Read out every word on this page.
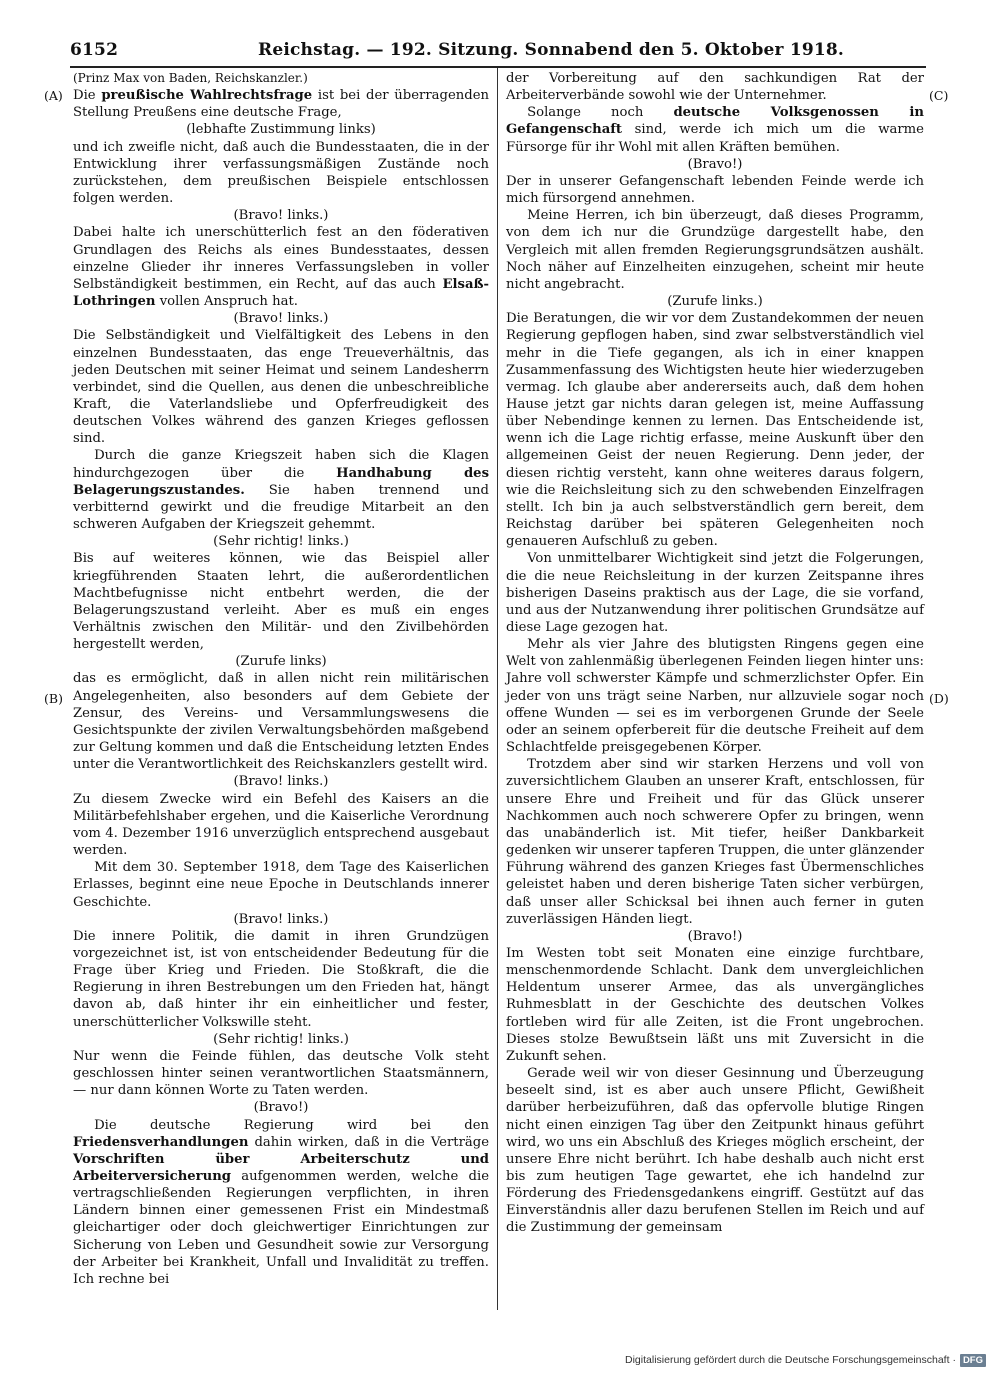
6152	Reichstag. — 192. Sitzung. Sonnabend den 5. Oktober 1918.
(A)
(B)
(C)
(D)

(Prinz Max von Baden, Reichskanzler.)

Die preußische Wahlrechtsfrage ist bei der überragenden Stellung Preußens eine deutsche Frage,

(lebhafte Zustimmung links)

und ich zweifle nicht, daß auch die Bundesstaaten, die in der Entwicklung ihrer verfassungsmäßigen Zustände noch zurückstehen, dem preußischen Beispiele entschlossen folgen werden.

(Bravo! links.)

Dabei halte ich unerschütterlich fest an den föderativen Grundlagen des Reichs als eines Bundesstaates, dessen einzelne Glieder ihr inneres Verfassungsleben in voller Selbständigkeit bestimmen, ein Recht, auf das auch Elsaß-Lothringen vollen Anspruch hat.

(Bravo! links.)

Die Selbständigkeit und Vielfältigkeit des Lebens in den einzelnen Bundesstaaten, das enge Treueverhältnis, das jeden Deutschen mit seiner Heimat und seinem Landesherrn verbindet, sind die Quellen, aus denen die unbeschreibliche Kraft, die Vaterlandsliebe und Opferfreudigkeit des deutschen Volkes während des ganzen Krieges geflossen sind.

Durch die ganze Kriegszeit haben sich die Klagen hindurchgezogen über die Handhabung des Belagerungszustandes. Sie haben trennend und verbitternd gewirkt und die freudige Mitarbeit an den schweren Aufgaben der Kriegszeit gehemmt.

(Sehr richtig! links.)

Bis auf weiteres können, wie das Beispiel aller kriegführenden Staaten lehrt, die außerordentlichen Machtbefugnisse nicht entbehrt werden, die der Belagerungszustand verleiht. Aber es muß ein enges Verhältnis zwischen den Militär- und den Zivilbehörden hergestellt werden,

(Zurufe links)

das es ermöglicht, daß in allen nicht rein militärischen Angelegenheiten, also besonders auf dem Gebiete der Zensur, des Vereins- und Versammlungswesens die Gesichtspunkte der zivilen Verwaltungsbehörden maßgebend zur Geltung kommen und daß die Entscheidung letzten Endes unter die Verantwortlichkeit des Reichskanzlers gestellt wird.

(Bravo! links.)

Zu diesem Zwecke wird ein Befehl des Kaisers an die Militärbefehlshaber ergehen, und die Kaiserliche Verordnung vom 4. Dezember 1916 unverzüglich entsprechend ausgebaut werden.

Mit dem 30. September 1918, dem Tage des Kaiserlichen Erlasses, beginnt eine neue Epoche in Deutschlands innerer Geschichte.

(Bravo! links.)

Die innere Politik, die damit in ihren Grundzügen vorgezeichnet ist, ist von entscheidender Bedeutung für die Frage über Krieg und Frieden. Die Stoßkraft, die die Regierung in ihren Bestrebungen um den Frieden hat, hängt davon ab, daß hinter ihr ein einheitlicher und fester, unerschütterlicher Volkswille steht.

(Sehr richtig! links.)

Nur wenn die Feinde fühlen, das deutsche Volk steht geschlossen hinter seinen verantwortlichen Staatsmännern, — nur dann können Worte zu Taten werden.

(Bravo!)

Die deutsche Regierung wird bei den Friedensverhandlungen dahin wirken, daß in die Verträge Vorschriften über Arbeiterschutz und Arbeiterversicherung aufgenommen werden, welche die vertragschließenden Regierungen verpflichten, in ihren Ländern binnen einer gemessenen Frist ein Mindestmaß gleichartiger oder doch gleichwertiger Einrichtungen zur Sicherung von Leben und Gesundheit sowie zur Versorgung der Arbeiter bei Krankheit, Unfall und Invalidität zu treffen. Ich rechne bei

der Vorbereitung auf den sachkundigen Rat der Arbeiterverbände sowohl wie der Unternehmer.

Solange noch deutsche Volksgenossen in Gefangenschaft sind, werde ich mich um die warme Fürsorge für ihr Wohl mit allen Kräften bemühen.

(Bravo!)

Der in unserer Gefangenschaft lebenden Feinde werde ich mich fürsorgend annehmen.

Meine Herren, ich bin überzeugt, daß dieses Programm, von dem ich nur die Grundzüge dargestellt habe, den Vergleich mit allen fremden Regierungsgrundsätzen aushält. Noch näher auf Einzelheiten einzugehen, scheint mir heute nicht angebracht.

(Zurufe links.)

Die Beratungen, die wir vor dem Zustandekommen der neuen Regierung gepflogen haben, sind zwar selbstverständlich viel mehr in die Tiefe gegangen, als ich in einer knappen Zusammenfassung des Wichtigsten heute hier wiederzugeben vermag. Ich glaube aber andererseits auch, daß dem hohen Hause jetzt gar nichts daran gelegen ist, meine Auffassung über Nebendinge kennen zu lernen. Das Entscheidende ist, wenn ich die Lage richtig erfasse, meine Auskunft über den allgemeinen Geist der neuen Regierung. Denn jeder, der diesen richtig versteht, kann ohne weiteres daraus folgern, wie die Reichsleitung sich zu den schwebenden Einzelfragen stellt. Ich bin ja auch selbstverständlich gern bereit, dem Reichstag darüber bei späteren Gelegenheiten noch genaueren Aufschluß zu geben.

Von unmittelbarer Wichtigkeit sind jetzt die Folgerungen, die die neue Reichsleitung in der kurzen Zeitspanne ihres bisherigen Daseins praktisch aus der Lage, die sie vorfand, und aus der Nutzanwendung ihrer politischen Grundsätze auf diese Lage gezogen hat.

Mehr als vier Jahre des blutigsten Ringens gegen eine Welt von zahlenmäßig überlegenen Feinden liegen hinter uns: Jahre voll schwerster Kämpfe und schmerzlichster Opfer. Ein jeder von uns trägt seine Narben, nur allzuviele sogar noch offene Wunden — sei es im verborgenen Grunde der Seele oder an seinem opferbereit für die deutsche Freiheit auf dem Schlachtfelde preisgegebenen Körper.

Trotzdem aber sind wir starken Herzens und voll von zuversichtlichem Glauben an unserer Kraft, entschlossen, für unsere Ehre und Freiheit und für das Glück unserer Nachkommen auch noch schwerere Opfer zu bringen, wenn das unabänderlich ist. Mit tiefer, heißer Dankbarkeit gedenken wir unserer tapferen Truppen, die unter glänzender Führung während des ganzen Krieges fast Übermenschliches geleistet haben und deren bisherige Taten sicher verbürgen, daß unser aller Schicksal bei ihnen auch ferner in guten zuverlässigen Händen liegt.

(Bravo!)

Im Westen tobt seit Monaten eine einzige furchtbare, menschenmordende Schlacht. Dank dem unvergleichlichen Heldentum unserer Armee, das als unvergängliches Ruhmesblatt in der Geschichte des deutschen Volkes fortleben wird für alle Zeiten, ist die Front ungebrochen. Dieses stolze Bewußtsein läßt uns mit Zuversicht in die Zukunft sehen.

Gerade weil wir von dieser Gesinnung und Überzeugung beseelt sind, ist es aber auch unsere Pflicht, Gewißheit darüber herbeizuführen, daß das opfervolle blutige Ringen nicht einen einzigen Tag über den Zeitpunkt hinaus geführt wird, wo uns ein Abschluß des Krieges möglich erscheint, der unsere Ehre nicht berührt. Ich habe deshalb auch nicht erst bis zum heutigen Tage gewartet, ehe ich handelnd zur Förderung des Friedensgedankens eingriff. Gestützt auf das Einverständnis aller dazu berufenen Stellen im Reich und auf die Zustimmung der gemeinsam

Digitalisierung gefördert durch die Deutsche Forschungsgemeinschaft · DFG
